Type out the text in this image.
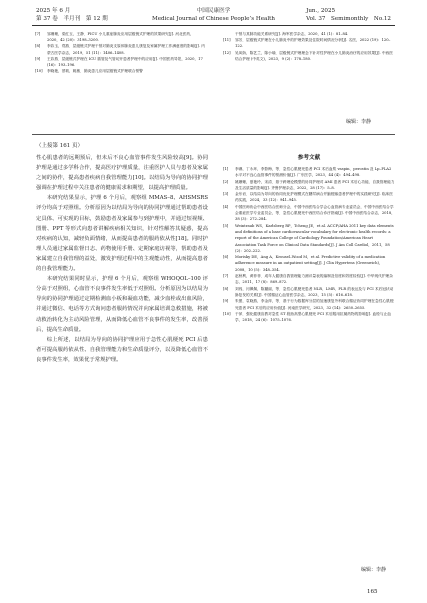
2025 年 6 月
第 37 卷　半月刊　第 12 期
中国民康医学
Medical Journal of Chinese People’s Health
Jun., 2025
Vol. 37　Semimonthly　No.12
[7]	邹珊珊，梁红玉，王静．PICU 小儿重症肺炎应用层级链式护理的效果研究[J]. 河北医药，2020，42 (20)：3198–3200.
[8]	李彩玉，郑燕．层级链式护理干预对肺炎支原体肺炎患儿康复及家属护理工作满意度的影响[J]. 内蒙古医学杂志，2019，51 (11)：1406–1408.
[9]	王彩燕．层级链式护理在 ICU 插管及气管切开患者护理中的应用[J]. 中国医药导报，2020，17 (16)：193–196.
[10]	李晓艳，蔡莉，姚敏．肺炎患儿应用层级链式护理联合预警
干预与其肺功能关系研究[J]. 海军医学杂志，2020，41 (1)：81–84.
[11]	邹芳．层级链式护理在小儿肺炎中的护理效果及住院时间情况分析[J]. 名医，2022 (19)：120–122.
[12]	吴凤娇，陈艺兰，陈小瑜．层级链式护理理念下针对性护理在小儿肺炎治疗的应用效果[J]. 中西医结合护理 (中英文)，2023，9 (2)：178–180.
编辑：李静
（上接第 161 页）

性心肌患者的远期预后，但未后不良心血管事件发生风险较高[9]。协同护理是通过多学科合作，提高医疗护理质量，注重医护人员与患者及家属之间的协作，提高患者疾病自我管理能力[10]。以结局为导向的协同护理强调在护理过程中关注患者的健康需求和期望，以提高护理质量。

本研究结果显示，护理 6 个月后，观察组 MMAS–8、AHSMSRS 评分均高于对照组。分析原因为以结局为导向的协同护理通过帮助患者设定具体、可实现的目标，鼓励患者及家属参与到护理中，并通过短视频、图册、PPT 等形式向患者讲解疾病相关知识，针对性解答其疑惑，提高对疾病的认知，减轻负面情绪，从而提高患者的服药依从性[18]。同时护理人员通过家属监督日志、药物使用手册、定期家庭访视等，帮助患者及家属建立自我管理的益处，激发护理过程中的主观能动性，从而提高患者的自我管理能力。

本研究结果同时显示，护理 6 个月后，观察组 WHOQOL–100 评分高于对照组，心血管不良事件发生率低于对照组。分析原因为以结局为导向的协同护理通过定期检测血小板和凝血功能，减少血栓或出血风险，并通过微信、电话等方式询问患者服药情况并向家属培训急救措施，将被动救治转化为主动风险管理，从而降低心血管不良事件的发生率，改善预后，提高生命质量。

综上所述，以结局为导向的协同护理应用于急性心肌梗死 PCI 后患者可提高服药依从性、自我管理能力和生命质量评分，以及降低心血管不良事件发生率，效果优于常规护理。

参考文献
[1]	李淋，丁永环，李影梅，等．急性心肌梗死患者 PCI 术后血浆 vaspin、perostin 及 Lp–PLA2 水平对不良心血管事件的预测价值[J]. 广东医学，2023，44 (4)：494–498.
[2]	姚姗姗，夏艳玲，宋清．基于跨理论模型的协同护理对 AMI 患者 PCI 术后心功能、自我管理能力及生活质量的影响[J]. 齐鲁护理杂志，2022，28 (17)：5–8.
[3]	金东岩．以结局为导向的协同优化护理模式在糖尿病合并脑梗塞患者护理中的实践研究[J]. 临床医药实践，2024，33 (12)：941–945.
[4]	中国医师协会中西医结合医师分会，中国中西医结合学会心血管病专业委员会，中国中西医结合学会重症医学专业委员会，等．急性心肌梗死中西医结合诊疗指南[J]. 中国中西医结合杂志，2018，38 (3)：272–284.
[5]	Weintraub WS，Karlsberg RP，Tcheng JE，et al. ACCF/AHA 2011 key data elements and definitions of a base cardiovascular vocabulary for electronic health records: a report of the American College of Cardiology Foundation/American Heart Association Task Force on Clinical Data Standards[J]. J Am Coll Cardiol，2011，58 (2)：202–222.
[6]	Morisky DE，Ang A，Krousel–Wood M，et al. Predictive validity of a medication adherence measure in an outpatient setting[J]. J Clin Hypertens (Greenwich)，2008，10 (5)：348–354.
[7]	赵秋利，黄菲菲．成年人健康自我管理能力测评量表的编制及信度和效度检验[J]. 中华现代护理杂志，2011，17 (8)：869–872.
[8]	刘闯，闫佩佩，陈璐丽，等．急性心肌梗死患者 NLR、LMR、PLR 的表达及与 PCI 术后冠状动脉复发的关系[J]. 中国循证心血管医学杂志，2023，15 (5)：616–618.
[9]	朱蕾，袁晓燕，李金萍，等．基于行为数据库分层的加速康复外科联合循证协同护理在急性心肌梗死患者 PCI 术后的应用价值[J]. 河南医学研究，2023，32 (14)：2650–2655.
[10]	于萍．强化健康宣教对急性 ST 段抬高型心肌梗死 PCI 术后服用抗凝药物的影响[J]. 血栓与止血学，2018，24 (6)：1075–1076.
编辑：李静
165
